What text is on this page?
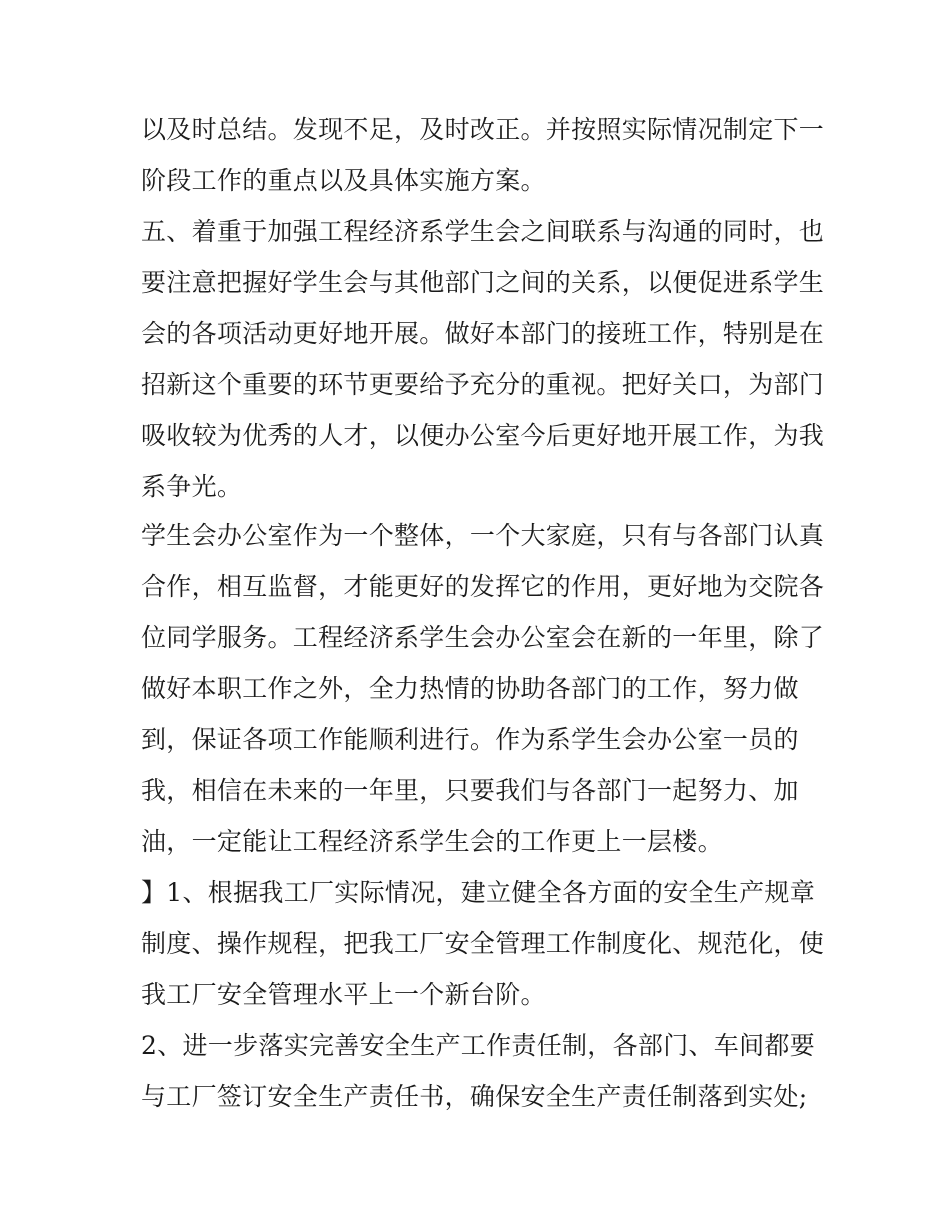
以及时总结。发现不足，及时改正。并按照实际情况制定下一
阶段工作的重点以及具体实施方案。
五、着重于加强工程经济系学生会之间联系与沟通的同时，也
要注意把握好学生会与其他部门之间的关系，以便促进系学生
会的各项活动更好地开展。做好本部门的接班工作，特别是在
招新这个重要的环节更要给予充分的重视。把好关口，为部门
吸收较为优秀的人才，以便办公室今后更好地开展工作，为我
系争光。
学生会办公室作为一个整体，一个大家庭，只有与各部门认真
合作，相互监督，才能更好的发挥它的作用，更好地为交院各
位同学服务。工程经济系学生会办公室会在新的一年里，除了
做好本职工作之外，全力热情的协助各部门的工作，努力做
到，保证各项工作能顺利进行。作为系学生会办公室一员的
我，相信在未来的一年里，只要我们与各部门一起努力、加
油，一定能让工程经济系学生会的工作更上一层楼。
】1、根据我工厂实际情况，建立健全各方面的安全生产规章
制度、操作规程，把我工厂安全管理工作制度化、规范化，使
我工厂安全管理水平上一个新台阶。
2、进一步落实完善安全生产工作责任制，各部门、车间都要
与工厂签订安全生产责任书，确保安全生产责任制落到实处;
